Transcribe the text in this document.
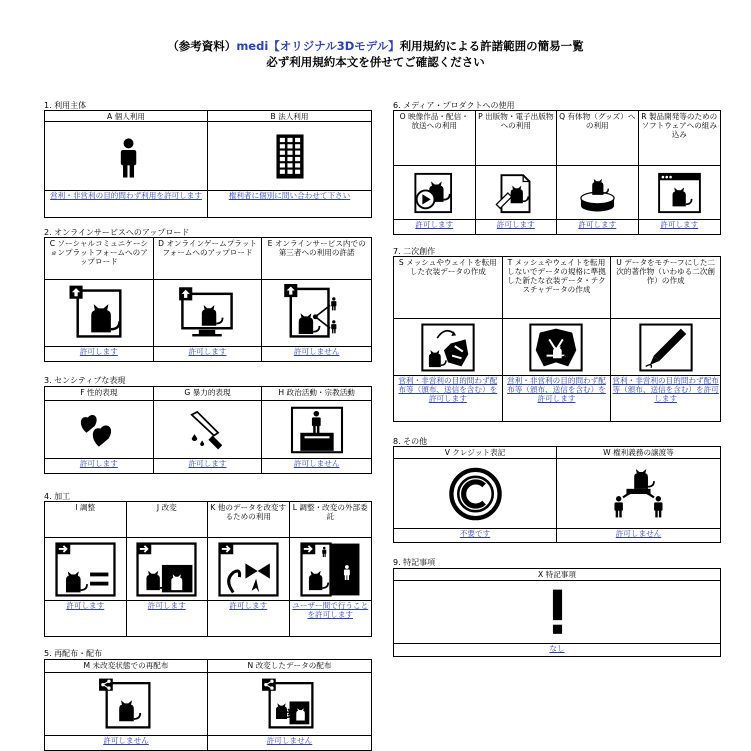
（参考資料）medi【オリジナル3Dモデル】利用規約による許諾範囲の簡易一覧
必ず利用規約本文を併せてご確認ください
1. 利用主体
A 個人利用
営利・非営利の目的問わず利用を許可します
B 法人利用
権利者に個別に問い合わせて下さい
2. オンラインサービスへのアップロード
C ソーシャルコミュニケーションプラットフォームへのアップロード
許可します
D オンラインゲームプラットフォームへのアップロード
許可します
E オンラインサービス内での第三者への利用の許諾
許可しません
3. センシティブな表現
F 性的表現
許可します
G 暴力的表現
許可します
H 政治活動・宗教活動
許可しません
4. 加工
I 調整
許可します
J 改変
許可します
K 他のデータを改変するための利用
許可します
L 調整・改変の外部委託
ユーザー間で行うことを許可します
5. 再配布・配布
M 未改変状態での再配布
許可しません
N 改変したデータの配布
許可しません
6. メディア・プロダクトへの使用
O 映像作品・配信・放送への利用
許可します
P 出版物・電子出版物への利用
許可します
Q 有体物（グッズ）への利用
許可します
R 製品開発等のためのソフトウェアへの組み込み
許可します
7. 二次創作
S メッシュやウェイトを転用した衣装データの作成
営利・非営利の目的問わず配布等（頒布、送信を含む）を許可します
T メッシュやウェイトを転用しないでデータの規格に準拠した新たな衣装データ・テクスチャデータの作成
営利・非営利の目的問わず配布等（頒布、送信を含む）を許可します
U データをモチーフにした二次的著作物（いわゆる二次創作）の作成
営利・非営利の目的問わず配布等（頒布、送信を含む）を許可します
8. その他
V クレジット表記
不要です
W 権利義務の譲渡等
許可しません
9. 特記事項
X 特記事項
なし
